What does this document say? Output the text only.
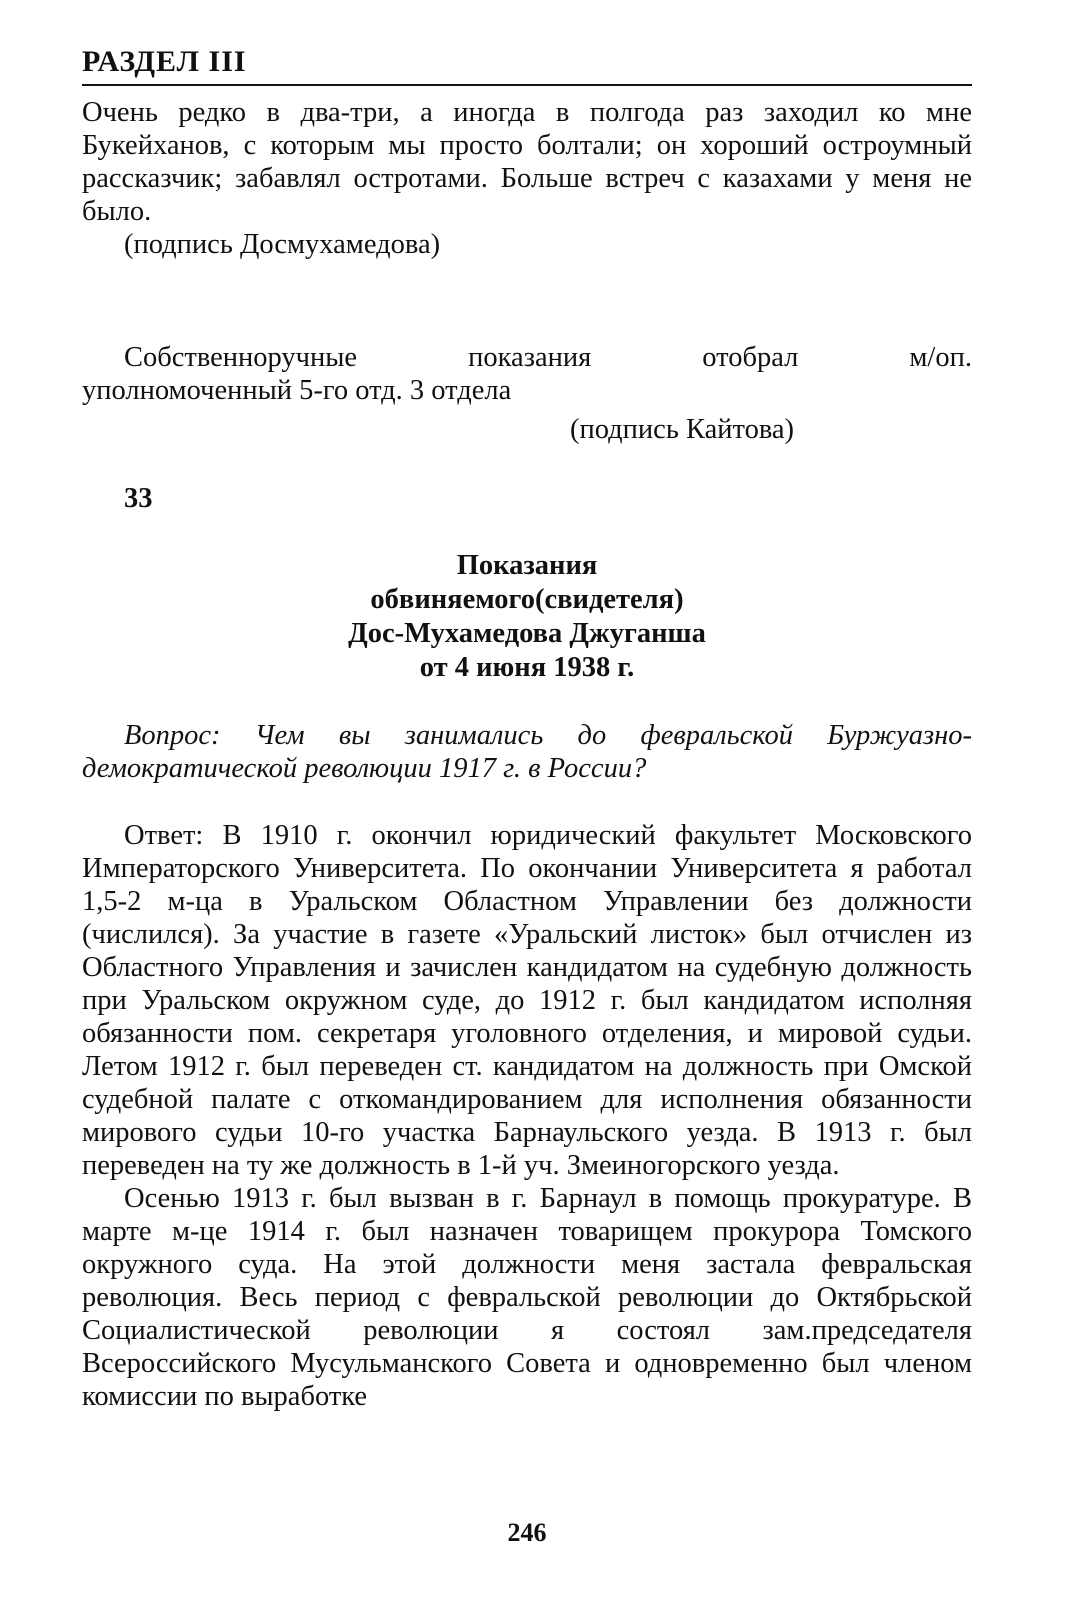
РАЗДЕЛ III

Очень редко в два-три, а иногда в полгода раз заходил ко мне Букейханов, с которым мы просто болтали; он хороший остроумный рассказчик; забавлял остротами. Больше встреч с казахами у меня не было.

(подпись Досмухамедова)

Собственноручные	показания	отобрал	м/оп.

уполномоченный 5-го отд. 3 отдела

(подпись Кайтова)

33
Показания
обвиняемого(свидетеля)
Дос-Мухамедова Джуганша
от 4 июня 1938 г.

Вопрос: Чем вы занимались до февральской Буржуазно-демократической революции 1917 г. в России?

Ответ: В 1910 г. окончил юридический факультет Московского Императорского Университета. По окончании Университета я работал 1,5-2 м-ца в Уральском Областном Управлении без должности (числился). За участие в газете «Уральский листок» был отчислен из Областного Управления и зачислен кандидатом на судебную должность при Уральском окружном суде, до 1912 г. был кандидатом исполняя обязанности пом. секретаря уголовного отделения, и мировой судьи. Летом 1912 г. был переведен ст. кандидатом на должность при Омской судебной палате с откомандированием для исполнения обязанности мирового судьи 10-го участка Барнаульского уезда. В 1913 г. был переведен на ту же должность в 1-й уч. Змеиногорского уезда.

Осенью 1913 г. был вызван в г. Барнаул в помощь прокуратуре. В марте м-це 1914 г. был назначен товарищем прокурора Томского окружного суда. На этой должности меня застала февральская революция. Весь период с февральской революции до Октябрьской Социалистической революции я состоял зам.председателя Всероссийского Мусульманского Совета и одновременно был членом комиссии по выработке

246
